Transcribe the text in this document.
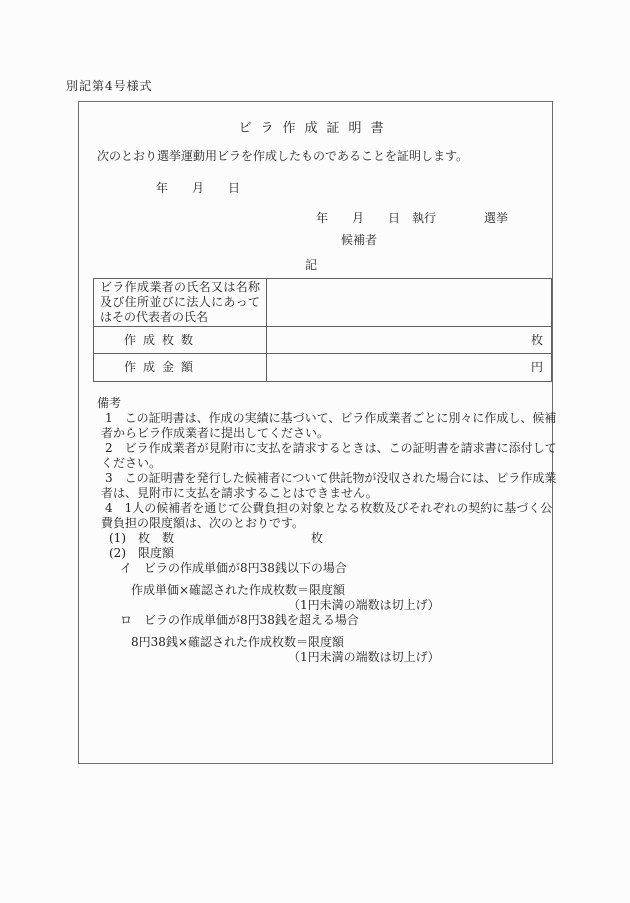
別記第4号様式
ビラ作成証明書
次のとおり選挙運動用ビラを作成したものであることを証明します。
年　　月　　日
年　　月　　日　執行　　　　選挙
候補者
記
ビラ作成業者の氏名又は名称及び住所並びに法人にあってはその代表者の氏名	
作成枚数	枚
作成金額	円
備考
1　この証明書は、作成の実績に基づいて、ビラ作成業者ごとに別々に作成し、候補
者からビラ作成業者に提出してください。
2　ビラ作成業者が見附市に支払を請求するときは、この証明書を請求書に添付して
ください。
3　この証明書を発行した候補者について供託物が没収された場合には、ビラ作成業
者は、見附市に支払を請求することはできません。
4　1人の候補者を通じて公費負担の対象となる枚数及びそれぞれの契約に基づく公
費負担の限度額は、次のとおりです。
(1)　枚　数	枚
(2)　限度額
イ　ビラの作成単価が8円38銭以下の場合
作成単価×確認された作成枚数＝限度額
（1円未満の端数は切上げ）
ロ　ビラの作成単価が8円38銭を超える場合
8円38銭×確認された作成枚数＝限度額
（1円未満の端数は切上げ）
